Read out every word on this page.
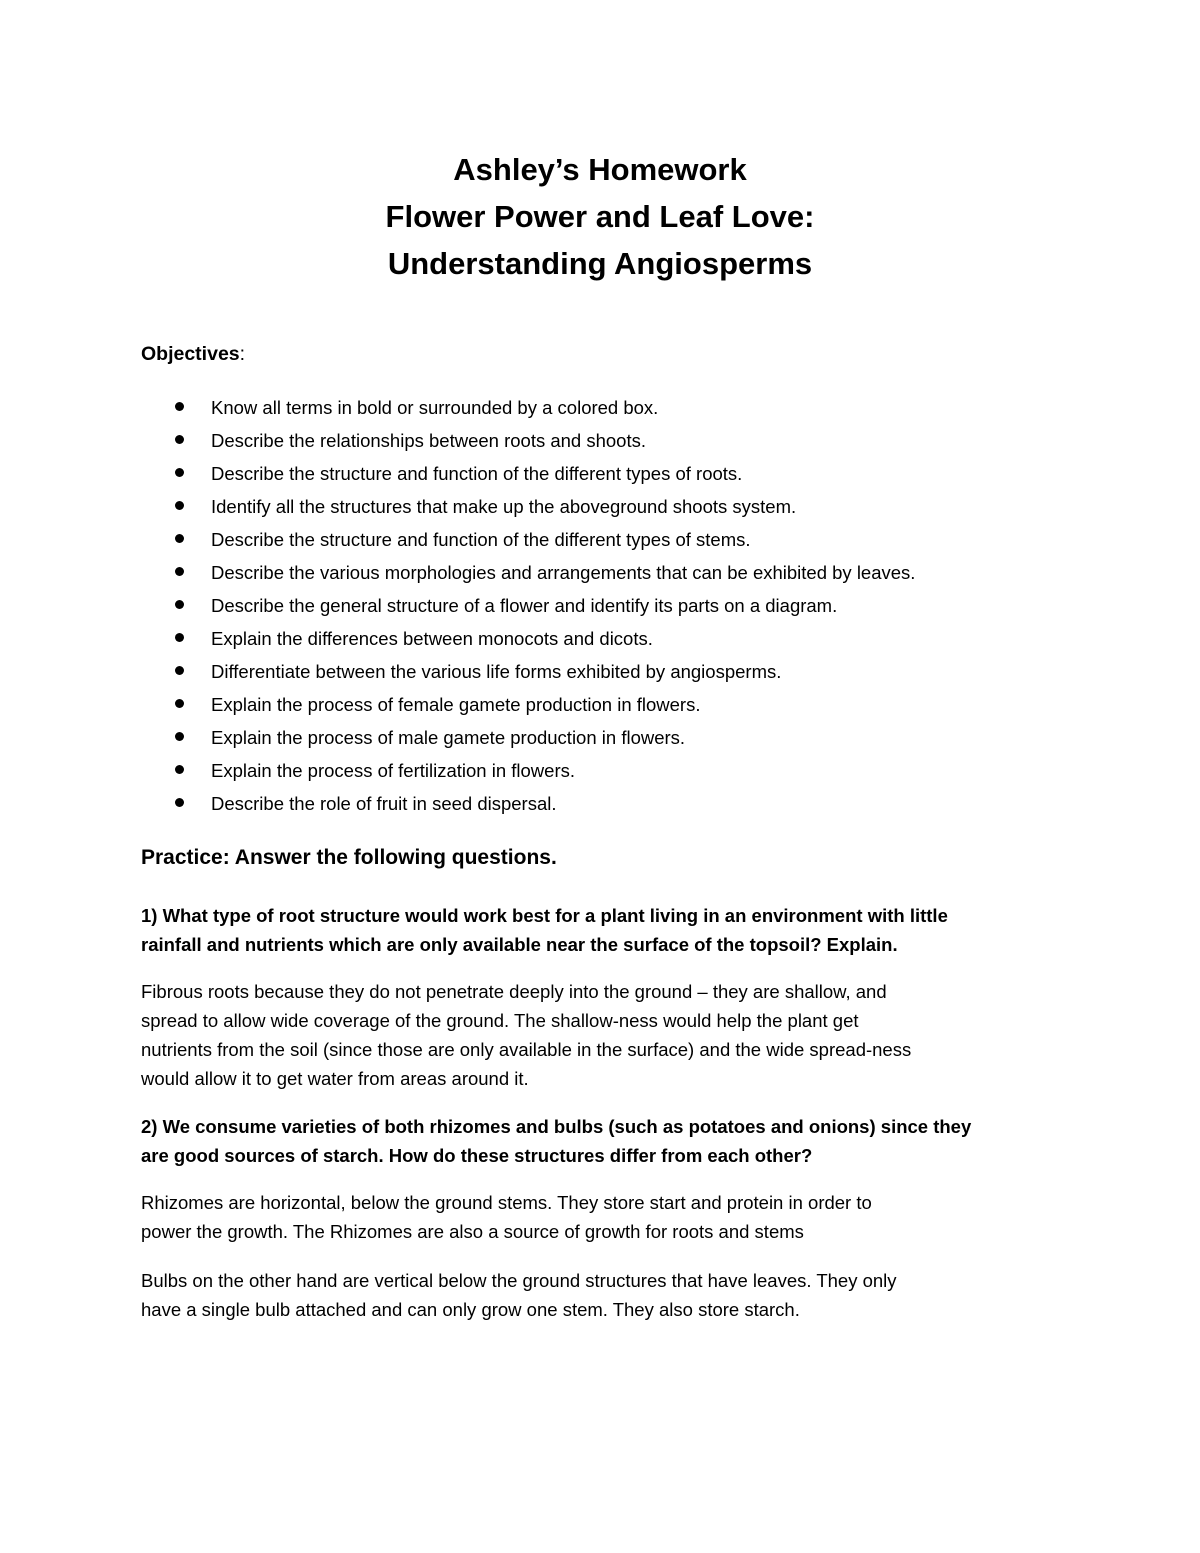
Ashley’s Homework
Flower Power and Leaf Love:
Understanding Angiosperms
Objectives:
Know all terms in bold or surrounded by a colored box.
Describe the relationships between roots and shoots.
Describe the structure and function of the different types of roots.
Identify all the structures that make up the aboveground shoots system.
Describe the structure and function of the different types of stems.
Describe the various morphologies and arrangements that can be exhibited by leaves.
Describe the general structure of a flower and identify its parts on a diagram.
Explain the differences between monocots and dicots.
Differentiate between the various life forms exhibited by angiosperms.
Explain the process of female gamete production in flowers.
Explain the process of male gamete production in flowers.
Explain the process of fertilization in flowers.
Describe the role of fruit in seed dispersal.
Practice: Answer the following questions.
1) What type of root structure would work best for a plant living in an environment with little
rainfall and nutrients which are only available near the surface of the topsoil? Explain.
Fibrous roots because they do not penetrate deeply into the ground – they are shallow, and
spread to allow wide coverage of the ground. The shallow-ness would help the plant get
nutrients from the soil (since those are only available in the surface) and the wide spread-ness
would allow it to get water from areas around it.
2) We consume varieties of both rhizomes and bulbs (such as potatoes and onions) since they
are good sources of starch. How do these structures differ from each other?
Rhizomes are horizontal, below the ground stems. They store start and protein in order to
power the growth. The Rhizomes are also a source of growth for roots and stems
Bulbs on the other hand are vertical below the ground structures that have leaves. They only
have a single bulb attached and can only grow one stem. They also store starch.
